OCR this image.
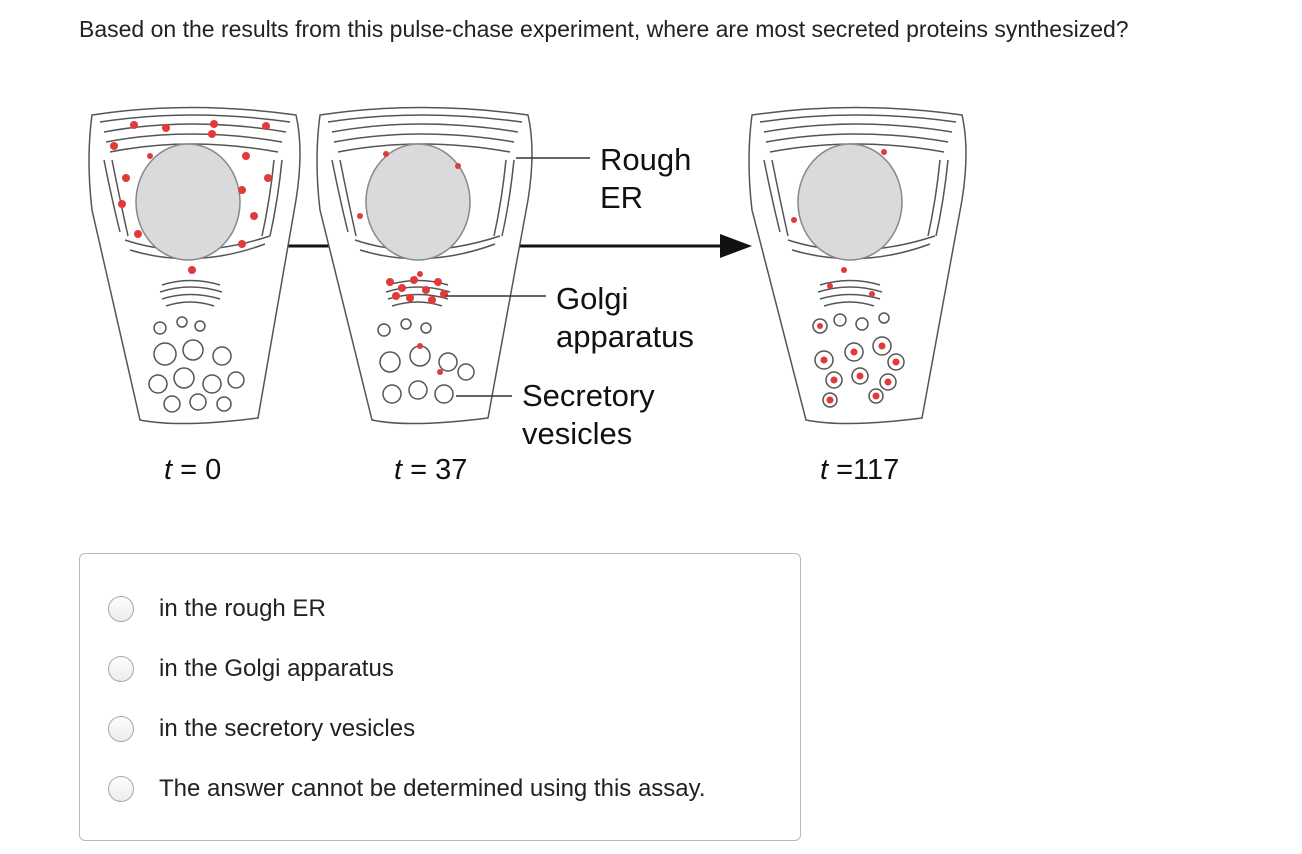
Based on the results from this pulse-chase experiment, where are most secreted proteins synthesized?
Rough
ER
Golgi
apparatus
Secretory
vesicles
t = 0	t = 37	t =117
in the rough ER
in the Golgi apparatus
in the secretory vesicles
The answer cannot be determined using this assay.
